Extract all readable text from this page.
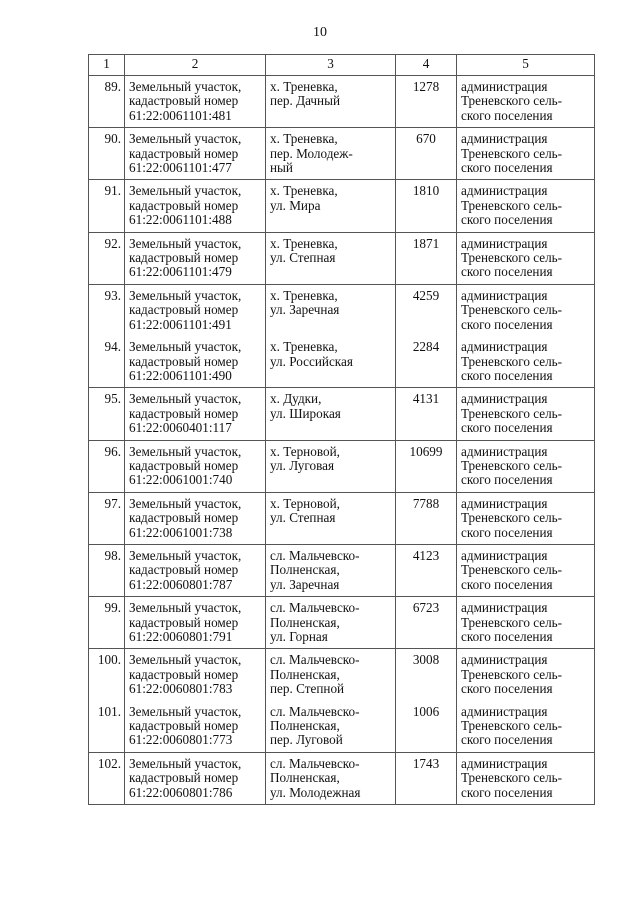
10
1	2	3	4	5
89.	Земельный участок,
кадастровый номер
61:22:0061101:481	х. Треневка,
пер. Дачный	1278	администрация
Треневского сель-
ского поселения

90.	Земельный участок,
кадастровый номер
61:22:0061101:477	х. Треневка,
пер. Молодеж-
ный	670	администрация
Треневского сель-
ского поселения

91.	Земельный участок,
кадастровый номер
61:22:0061101:488	х. Треневка,
ул. Мира	1810	администрация
Треневского сель-
ского поселения

92.	Земельный участок,
кадастровый номер
61:22:0061101:479	х. Треневка,
ул. Степная	1871	администрация
Треневского сель-
ского поселения

93.	Земельный участок,
кадастровый номер
61:22:0061101:491	х. Треневка,
ул. Заречная	4259	администрация
Треневского сель-
ского поселения

94.	Земельный участок,
кадастровый номер
61:22:0061101:490	х. Треневка,
ул. Российская	2284	администрация
Треневского сель-
ского поселения

95.	Земельный участок,
кадастровый номер
61:22:0060401:117	х. Дудки,
ул. Широкая	4131	администрация
Треневского сель-
ского поселения

96.	Земельный участок,
кадастровый номер
61:22:0061001:740	х. Терновой,
ул. Луговая	10699	администрация
Треневского сель-
ского поселения

97.	Земельный участок,
кадастровый номер
61:22:0061001:738	х. Терновой,
ул. Степная	7788	администрация
Треневского сель-
ского поселения

98.	Земельный участок,
кадастровый номер
61:22:0060801:787	сл. Мальчевско-
Полненская,
ул. Заречная	4123	администрация
Треневского сель-
ского поселения

99.	Земельный участок,
кадастровый номер
61:22:0060801:791	сл. Мальчевско-
Полненская,
ул. Горная	6723	администрация
Треневского сель-
ского поселения

100.	Земельный участок,
кадастровый номер
61:22:0060801:783	сл. Мальчевско-
Полненская,
пер. Степной	3008	администрация
Треневского сель-
ского поселения

101.	Земельный участок,
кадастровый номер
61:22:0060801:773	сл. Мальчевско-
Полненская,
пер. Луговой	1006	администрация
Треневского сель-
ского поселения

102.	Земельный участок,
кадастровый номер
61:22:0060801:786	сл. Мальчевско-
Полненская,
ул. Молодежная	1743	администрация
Треневского сель-
ского поселения
